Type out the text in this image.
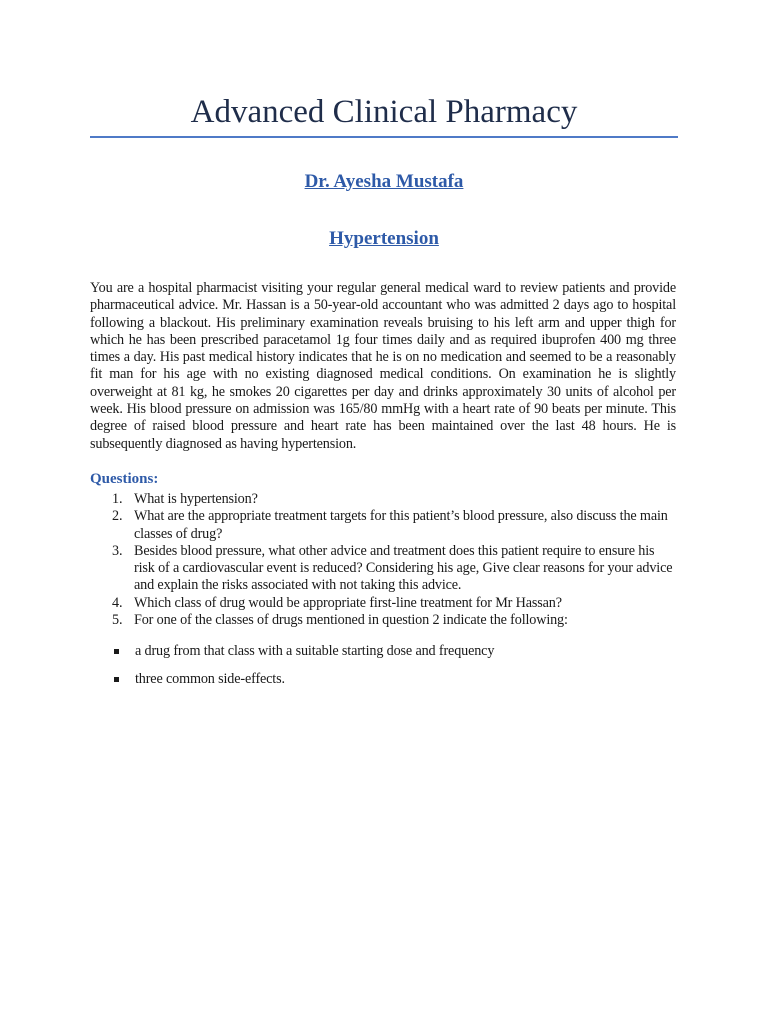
Advanced Clinical Pharmacy

Dr. Ayesha Mustafa

Hypertension

You are a hospital pharmacist visiting your regular general medical ward to review patients and provide pharmaceutical advice. Mr. Hassan is a 50-year-old accountant who was admitted 2 days ago to hospital following a blackout. His preliminary examination reveals bruising to his left arm and upper thigh for which he has been prescribed paracetamol 1g four times daily and as required ibuprofen 400 mg three times a day. His past medical history indicates that he is on no medication and seemed to be a reasonably fit man for his age with no existing diagnosed medical conditions. On examination he is slightly overweight at 81 kg, he smokes 20 cigarettes per day and drinks approximately 30 units of alcohol per week. His blood pressure on admission was 165/80 mmHg with a heart rate of 90 beats per minute. This degree of raised blood pressure and heart rate has been maintained over the last 48 hours. He is subsequently diagnosed as having hypertension.

Questions:

1. What is hypertension?
2. What are the appropriate treatment targets for this patient’s blood pressure, also discuss the main classes of drug?
3. Besides blood pressure, what other advice and treatment does this patient require to ensure his risk of a cardiovascular event is reduced? Considering his age, Give clear reasons for your advice and explain the risks associated with not taking this advice.
4. Which class of drug would be appropriate first-line treatment for Mr Hassan?
5. For one of the classes of drugs mentioned in question 2 indicate the following:
a drug from that class with a suitable starting dose and frequency
three common side-effects.
